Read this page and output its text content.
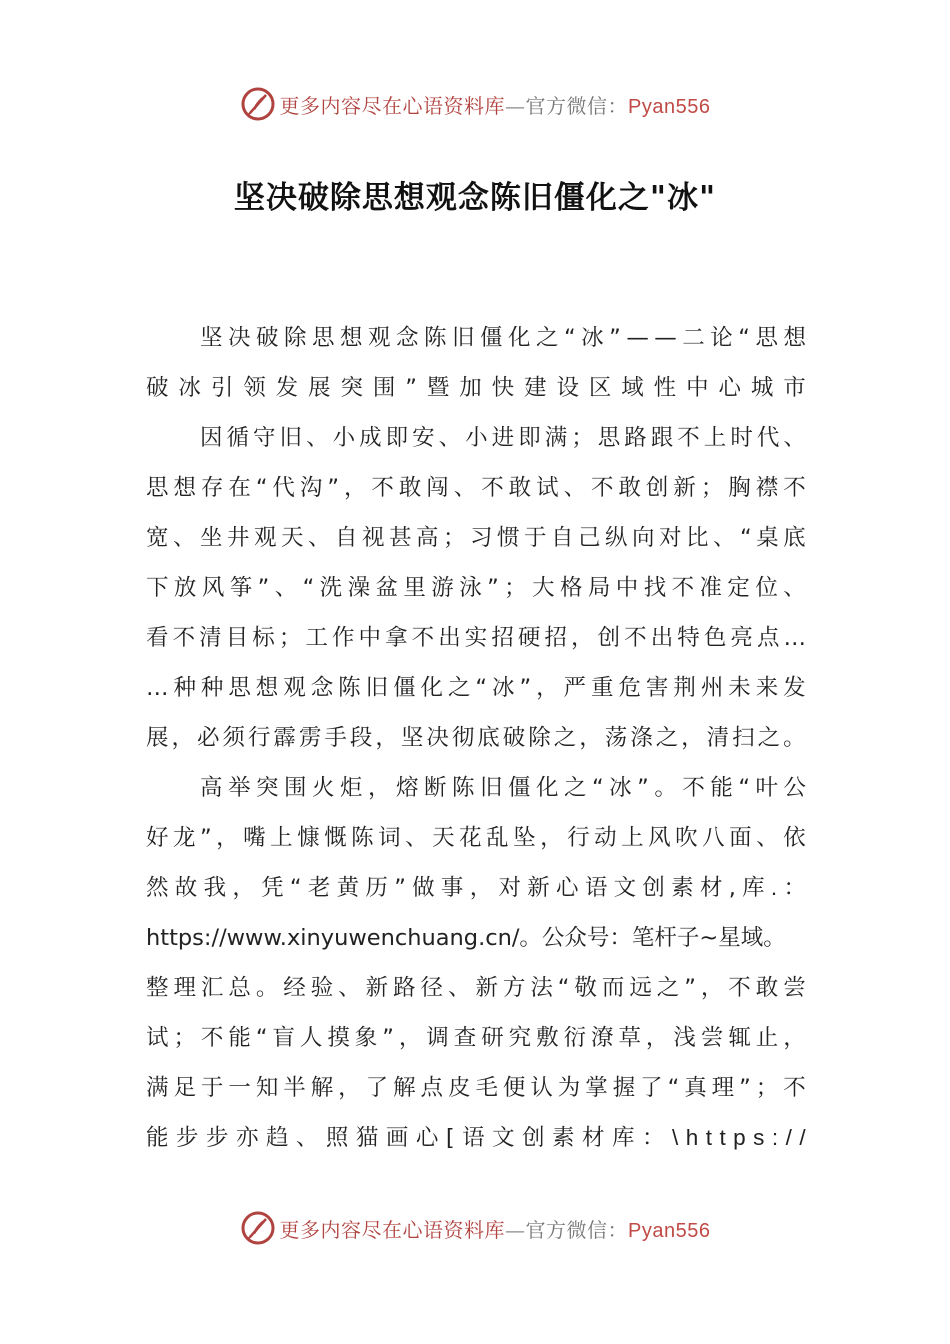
更多内容尽在心语资料库—官方微信：Pyan556
坚决破除思想观念陈旧僵化之"冰"
坚 决 破 除 思 想 观 念 陈 旧 僵 化 之 “ 冰 ” — — 二 论 “ 思 想
破 冰 引 领 发 展 突 围 ” 暨 加 快 建 设 区 域 性 中 心 城 市
因 循 守 旧 、 小 成 即 安 、 小 进 即 满 ； 思 路 跟 不 上 时 代 、
思 想 存 在 “ 代 沟 ” ， 不 敢 闯 、 不 敢 试 、 不 敢 创 新 ； 胸 襟 不
宽 、 坐 井 观 天 、 自 视 甚 高 ； 习 惯 于 自 己 纵 向 对 比 、 “ 桌 底
下 放 风 筝 ” 、 “ 洗 澡 盆 里 游 泳 ” ； 大 格 局 中 找 不 准 定 位 、
看 不 清 目 标 ； 工 作 中 拿 不 出 实 招 硬 招 ， 创 不 出 特 色 亮 点 …
… 种 种 思 想 观 念 陈 旧 僵 化 之 “ 冰 ” ， 严 重 危 害 荆 州 未 来 发
展 ， 必 须 行 霹 雳 手 段 ， 坚 决 彻 底 破 除 之 ， 荡 涤 之 ， 清 扫 之 。
高 举 突 围 火 炬 ， 熔 断 陈 旧 僵 化 之 “ 冰 ” 。 不 能 “ 叶 公
好 龙 ” ， 嘴 上 慷 慨 陈 词 、 天 花 乱 坠 ， 行 动 上 风 吹 八 面 、 依
然 故 我 ， 凭 “ 老 黄 历 ” 做 事 ， 对 新 心 语 文 创 素 材 , 库 . ：
https://www.xinyuwenchuang.cn/。公众号：笔杆子~星域。
整 理 汇 总 。 经 验 、 新 路 径 、 新 方 法 “ 敬 而 远 之 ” ， 不 敢 尝
试 ； 不 能 “ 盲 人 摸 象 ” ， 调 查 研 究 敷 衍 潦 草 ， 浅 尝 辄 止 ，
满 足 于 一 知 半 解 ， 了 解 点 皮 毛 便 认 为 掌 握 了 “ 真 理 ” ； 不
能 步 步 亦 趋 、 照 猫 画 心 [ 语 文 创 素 材 库 ： \ h t t p s : / /
更多内容尽在心语资料库—官方微信：Pyan556
